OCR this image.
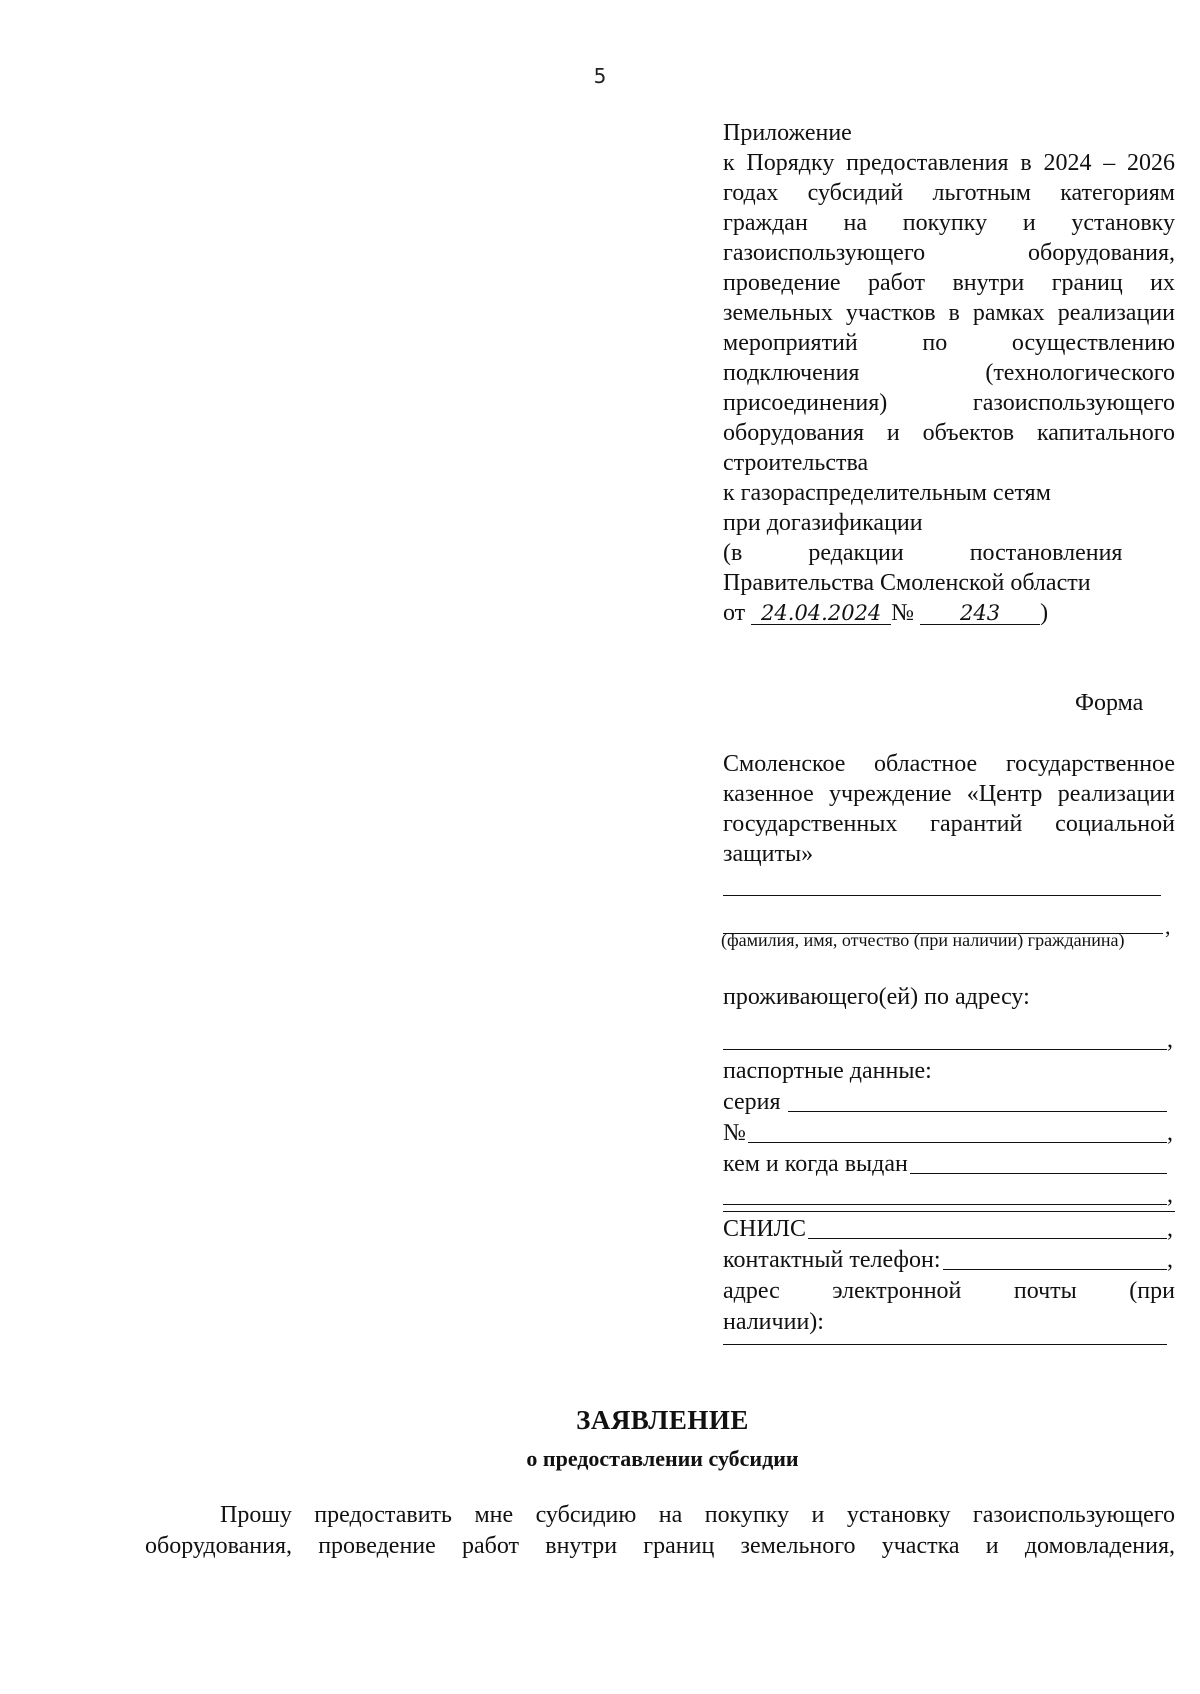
5
Приложение
к Порядку предоставления в 2024 – 2026 годах субсидий льготным категориям граждан на покупку и установку газоиспользующего оборудования, проведение работ внутри границ их земельных участков в рамках реализации мероприятий по осуществлению подключения (технологического присоединения) газоиспользующего оборудования и объектов капитального строительства
к газораспределительным сетям
при догазификации
(в редакции постановления
Правительства Смоленской области
от 24.04.2024 № 243 )
Форма
Смоленское областное государственное казенное учреждение «Центр реализации государственных гарантий социальной защиты»
,
(фамилия, имя, отчество (при наличии) гражданина)
проживающего(ей) по адресу:
,
паспортные данные:
серия
№	,
кем и когда выдан
,
СНИЛС	,
контактный телефон:	,
адрес электронной почты (при
наличии):
ЗАЯВЛЕНИЕ
о предоставлении субсидии
Прошу предоставить мне субсидию на покупку и установку газоиспользующего оборудования, проведение работ внутри границ земельного участка и домовладения,
